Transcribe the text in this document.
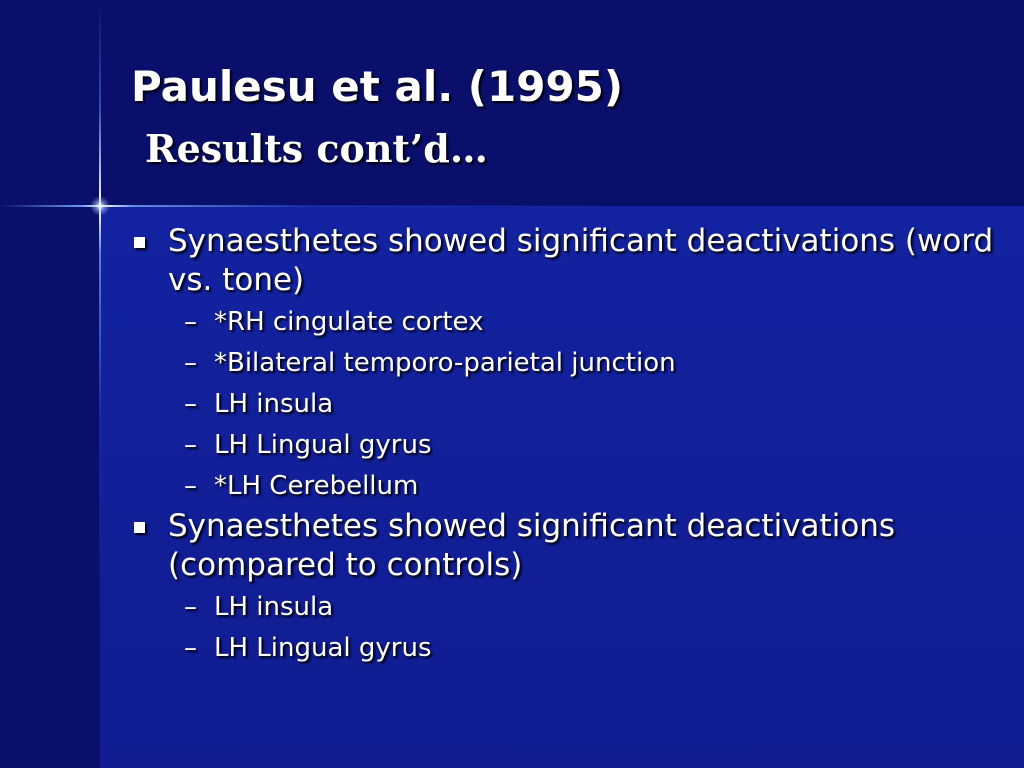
Paulesu et al. (1995)
Results cont’d…
Synaesthetes showed significant deactivations (word vs. tone)
– *RH cingulate cortex
– *Bilateral temporo-parietal junction
– LH insula
– LH Lingual gyrus
– *LH Cerebellum
Synaesthetes showed significant deactivations (compared to controls)
– LH insula
– LH Lingual gyrus
